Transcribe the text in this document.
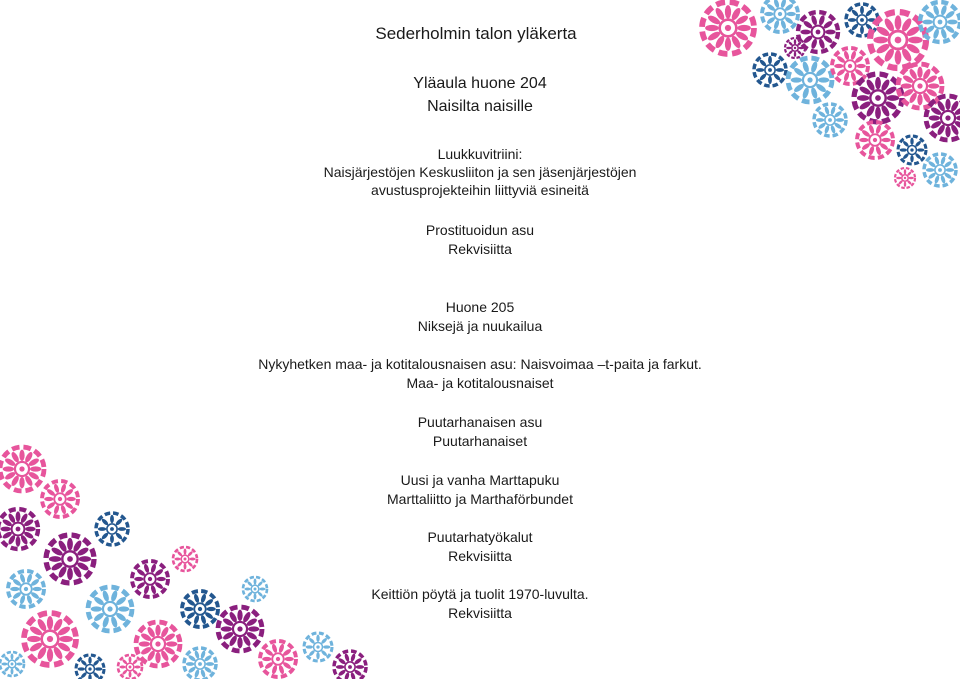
Sederholmin talon yläkerta
Yläaula huone 204
Naisilta naisille
Luukkuvitriini:
Naisjärjestöjen Keskusliiton ja sen jäsenjärjestöjen
avustusprojekteihin liittyviä esineitä
Prostituoidun asu
Rekvisiitta
Huone 205
Niksejä ja nuukailua
Nykyhetken maa- ja kotitalousnaisen asu: Naisvoimaa –t-paita ja farkut.
Maa- ja kotitalousnaiset
Puutarhanaisen asu
Puutarhanaiset
Uusi ja vanha Marttapuku
Marttaliitto ja Marthaförbundet
Puutarhatyökalut
Rekvisiitta
Keittiön pöytä ja tuolit 1970-luvulta.
Rekvisiitta
